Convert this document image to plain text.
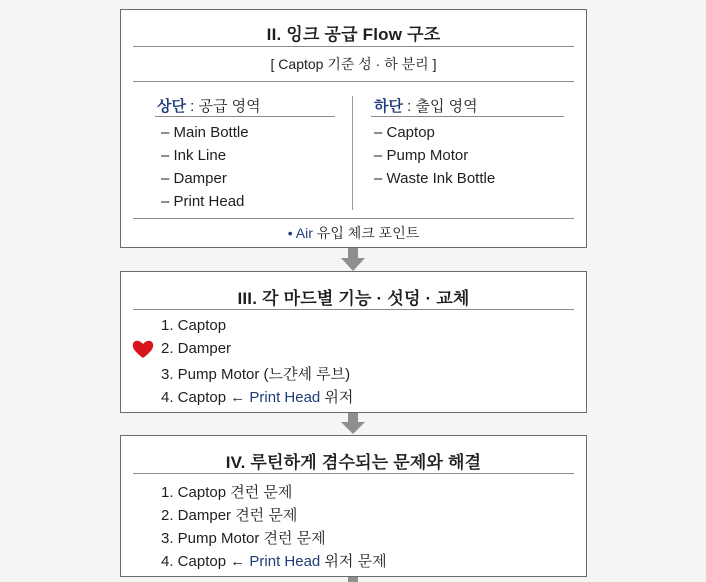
II. 잉크 공급 Flow 구조
[ Captop 기준 성 · 하 분리 ]
상단 : 공급 영역
– Main Bottle
– Ink Line
– Damper
– Print Head
하단 : 출입 영역
– Captop
– Pump Motor
– Waste Ink Bottle
• Air 유입 체크 포인트
III. 각 마드별 기능 · 섯덩 · 교체
1. Captop
2. Damper
3. Pump Motor (느갼셰 루브)
4. Captop ← Print Head 위저
IV. 루틴하게 겸수되는 문제와 해결
1. Captop 견런 문제
2. Damper 견런 문제
3. Pump Motor 견런 문제
4. Captop ← Print Head 위저 문제
